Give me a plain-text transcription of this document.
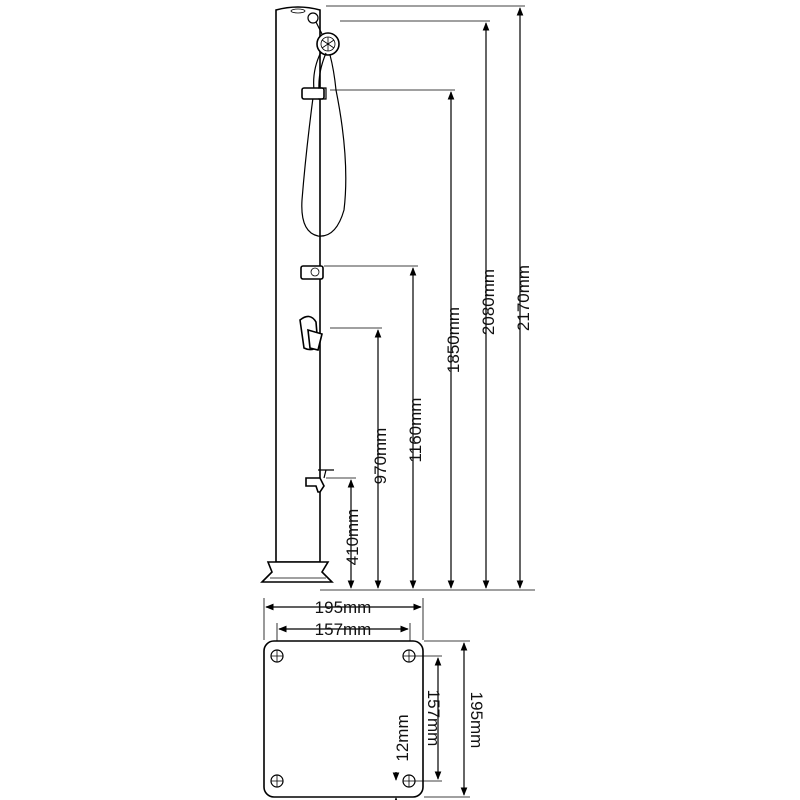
2170mm
2080mm
1850mm
1160mm
970mm
410mm
195mm
157mm
195mm
157mm
12mm
